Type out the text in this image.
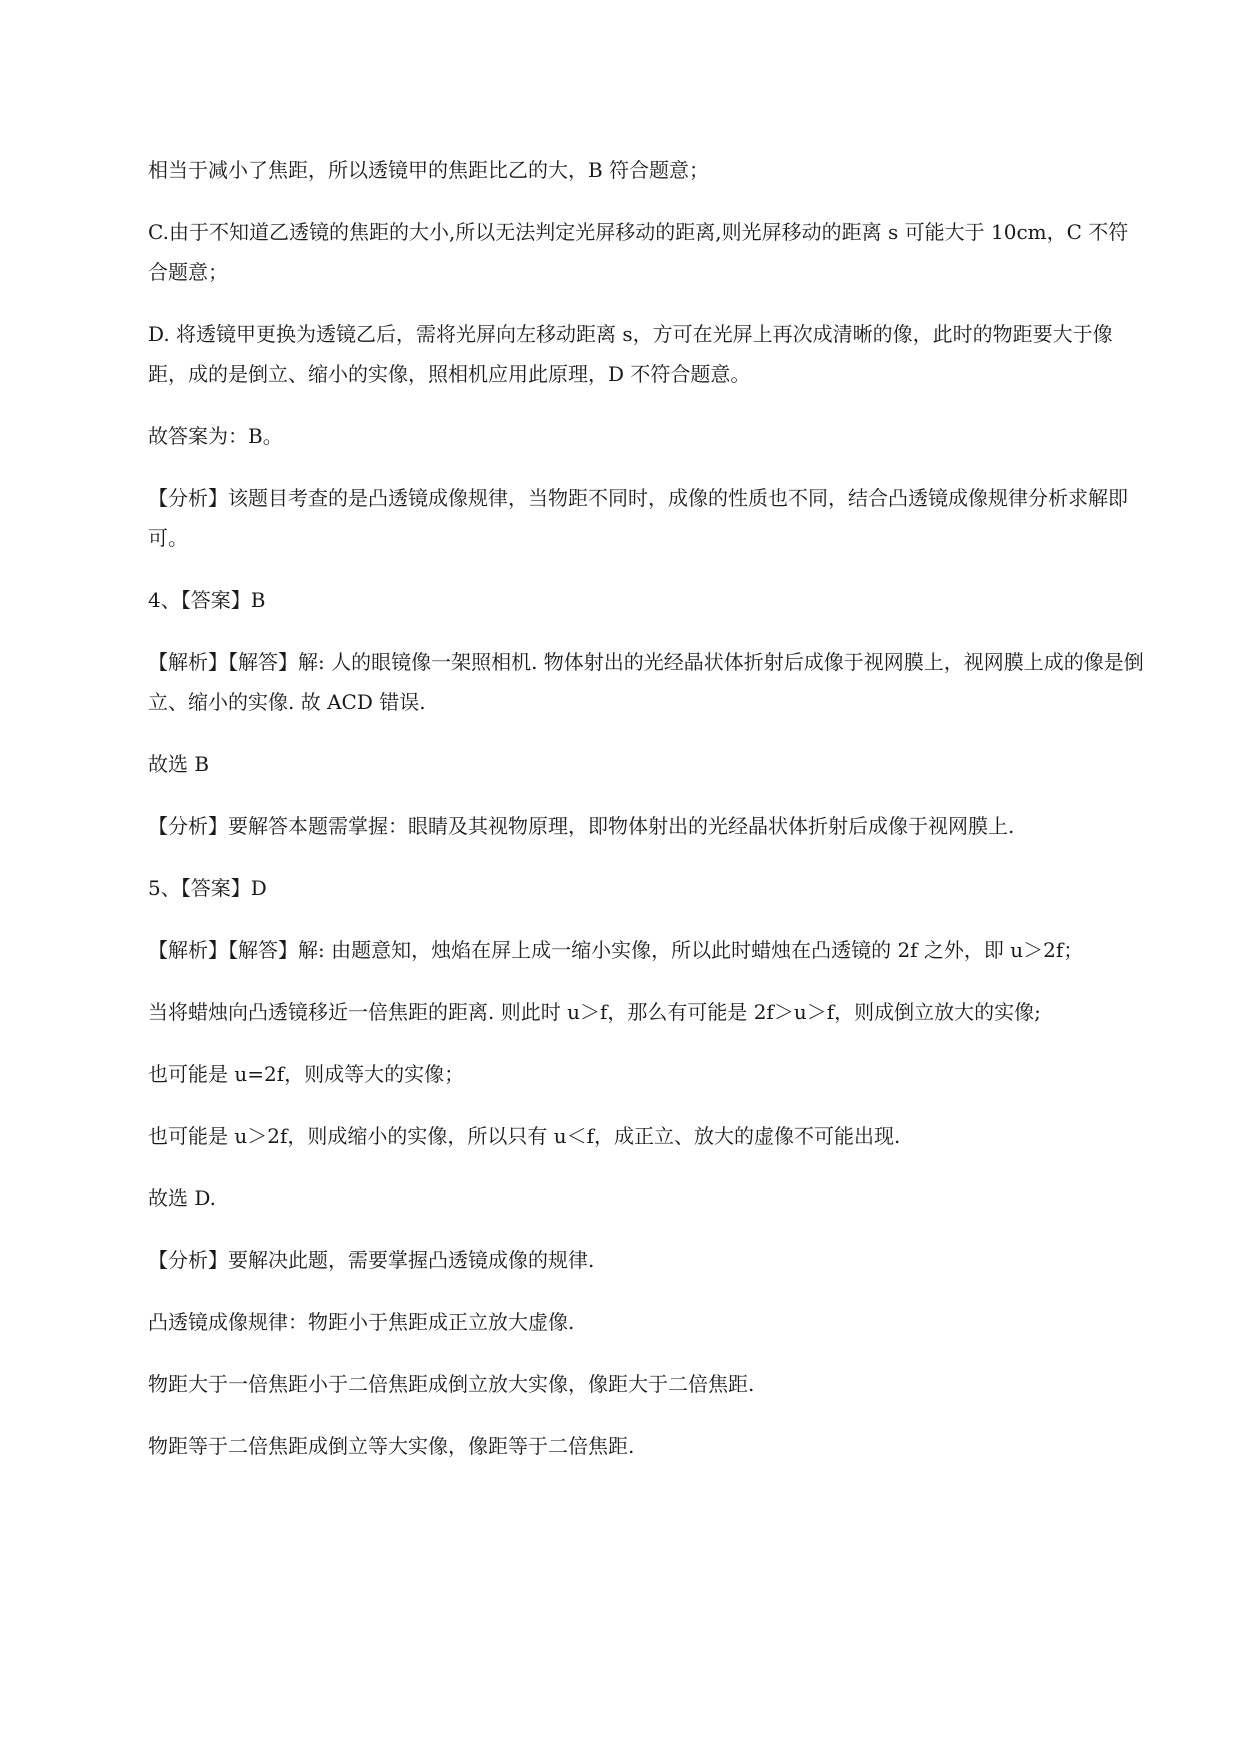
相当于减小了焦距，所以透镜甲的焦距比乙的大，B 符合题意；

C.由于不知道乙透镜的焦距的大小,所以无法判定光屏移动的距离,则光屏移动的距离 s 可能大于 10cm，C 不符合题意；

D. 将透镜甲更换为透镜乙后，需将光屏向左移动距离 s，方可在光屏上再次成清晰的像，此时的物距要大于像距，成的是倒立、缩小的实像，照相机应用此原理，D 不符合题意。

故答案为：B。

【分析】该题目考查的是凸透镜成像规律，当物距不同时，成像的性质也不同，结合凸透镜成像规律分析求解即可。

4、【答案】B

【解析】【解答】解: 人的眼镜像一架照相机. 物体射出的光经晶状体折射后成像于视网膜上，视网膜上成的像是倒立、缩小的实像. 故 ACD 错误.

故选 B

【分析】要解答本题需掌握：眼睛及其视物原理，即物体射出的光经晶状体折射后成像于视网膜上.

5、【答案】D

【解析】【解答】解: 由题意知，烛焰在屏上成一缩小实像，所以此时蜡烛在凸透镜的 2f 之外，即 u＞2f；

当将蜡烛向凸透镜移近一倍焦距的距离. 则此时 u＞f，那么有可能是 2f＞u＞f，则成倒立放大的实像;

也可能是 u=2f，则成等大的实像；

也可能是 u＞2f，则成缩小的实像，所以只有 u＜f，成正立、放大的虚像不可能出现.

故选 D.

【分析】要解决此题，需要掌握凸透镜成像的规律.

凸透镜成像规律：物距小于焦距成正立放大虚像.

物距大于一倍焦距小于二倍焦距成倒立放大实像，像距大于二倍焦距.

物距等于二倍焦距成倒立等大实像，像距等于二倍焦距.
